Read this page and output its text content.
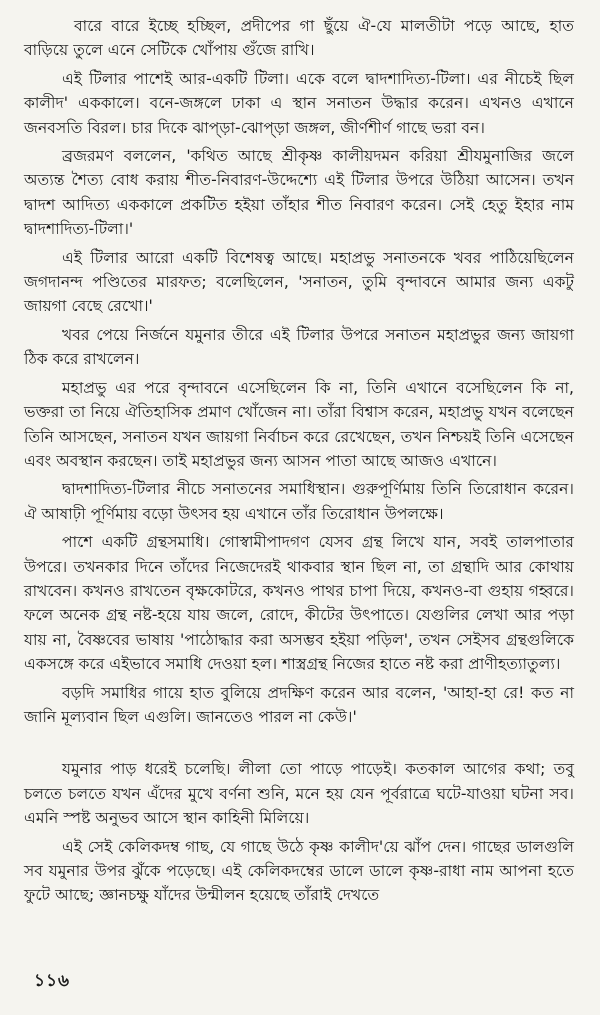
বারে বারে ইচ্ছে হচ্ছিল, প্রদীপের গা ছুঁয়ে ঐ-যে মালতীটা পড়ে আছে, হাত বাড়িয়ে তুলে এনে সেটিকে খোঁপায় গুঁজে রাখি।

এই টিলার পাশেই আর-একটি টিলা। একে বলে দ্বাদশাদিত্য-টিলা। এর নীচেই ছিল কালীদ' এককালে। বনে-জঙ্গলে ঢাকা এ স্থান সনাতন উদ্ধার করেন। এখনও এখানে জনবসতি বিরল। চার দিকে ঝাপ্‌ড়া-ঝোপ্‌ড়া জঙ্গল, জীর্ণশীর্ণ গাছে ভরা বন।

ব্রজরমণ বললেন, 'কথিত আছে শ্রীকৃষ্ণ কালীয়দমন করিয়া শ্রীযমুনাজির জলে অত্যন্ত শৈত্য বোধ করায় শীত-নিবারণ-উদ্দেশ্যে এই টিলার উপরে উঠিয়া আসেন। তখন দ্বাদশ আদিত্য এককালে প্রকটিত হইয়া তাঁহার শীত নিবারণ করেন। সেই হেতু ইহার নাম দ্বাদশাদিত্য-টিলা।'

এই টিলার আরো একটি বিশেষত্ব আছে। মহাপ্রভু সনাতনকে খবর পাঠিয়েছিলেন জগদানন্দ পণ্ডিতের মারফত; বলেছিলেন, 'সনাতন, তুমি বৃন্দাবনে আমার জন্য একটু জায়গা বেছে রেখো।'

খবর পেয়ে নির্জনে যমুনার তীরে এই টিলার উপরে সনাতন মহাপ্রভুর জন্য জায়গা ঠিক করে রাখলেন।

মহাপ্রভু এর পরে বৃন্দাবনে এসেছিলেন কি না, তিনি এখানে বসেছিলেন কি না, ভক্তরা তা নিয়ে ঐতিহাসিক প্রমাণ খোঁজেন না। তাঁরা বিশ্বাস করেন, মহাপ্রভু যখন বলেছেন তিনি আসছেন, সনাতন যখন জায়গা নির্বাচন করে রেখেছেন, তখন নিশ্চয়ই তিনি এসেছেন এবং অবস্থান করছেন। তাই মহাপ্রভুর জন্য আসন পাতা আছে আজও এখানে।

দ্বাদশাদিত্য-টিলার নীচে সনাতনের সমাধিস্থান। গুরুপূর্ণিমায় তিনি তিরোধান করেন। ঐ আষাঢ়ী পূর্ণিমায় বড়ো উৎসব হয় এখানে তাঁর তিরোধান উপলক্ষে।

পাশে একটি গ্রন্থসমাধি। গোস্বামীপাদগণ যেসব গ্রন্থ লিখে যান, সবই তালপাতার উপরে। তখনকার দিনে তাঁদের নিজেদেরই থাকবার স্থান ছিল না, তা গ্রন্থাদি আর কোথায় রাখবেন। কখনও রাখতেন বৃক্ষকোটরে, কখনও পাথর চাপা দিয়ে, কখনও-বা গুহায় গহ্বরে। ফলে অনেক গ্রন্থ নষ্ট-হয়ে যায় জলে, রোদে, কীটের উৎপাতে। যেগুলির লেখা আর পড়া যায় না, বৈষ্ণবের ভাষায় 'পাঠোদ্ধার করা অসম্ভব হইয়া পড়িল', তখন সেইসব গ্রন্থগুলিকে একসঙ্গে করে এইভাবে সমাধি দেওয়া হল। শাস্ত্রগ্রন্থ নিজের হাতে নষ্ট করা প্রাণীহত্যাতুল্য।

বড়দি সমাধির গায়ে হাত বুলিয়ে প্রদক্ষিণ করেন আর বলেন, 'আহা-হা রে! কত না জানি মূল্যবান ছিল এগুলি। জানতেও পারল না কেউ।'

যমুনার পাড় ধরেই চলেছি। লীলা তো পাড়ে পাড়েই। কতকাল আগের কথা; তবু চলতে চলতে যখন এঁদের মুখে বর্ণনা শুনি, মনে হয় যেন পূর্বরাত্রে ঘটে-যাওয়া ঘটনা সব। এমনি স্পষ্ট অনুভব আসে স্থান কাহিনী মিলিয়ে।

এই সেই কেলিকদম্ব গাছ, যে গাছে উঠে কৃষ্ণ কালীদ'য়ে ঝাঁপ দেন। গাছের ডালগুলি সব যমুনার উপর ঝুঁকে পড়েছে। এই কেলিকদম্বের ডালে ডালে কৃষ্ণ-রাধা নাম আপনা হতে ফুটে আছে; জ্ঞানচক্ষু যাঁদের উন্মীলন হয়েছে তাঁরাই দেখতে

১১৬
